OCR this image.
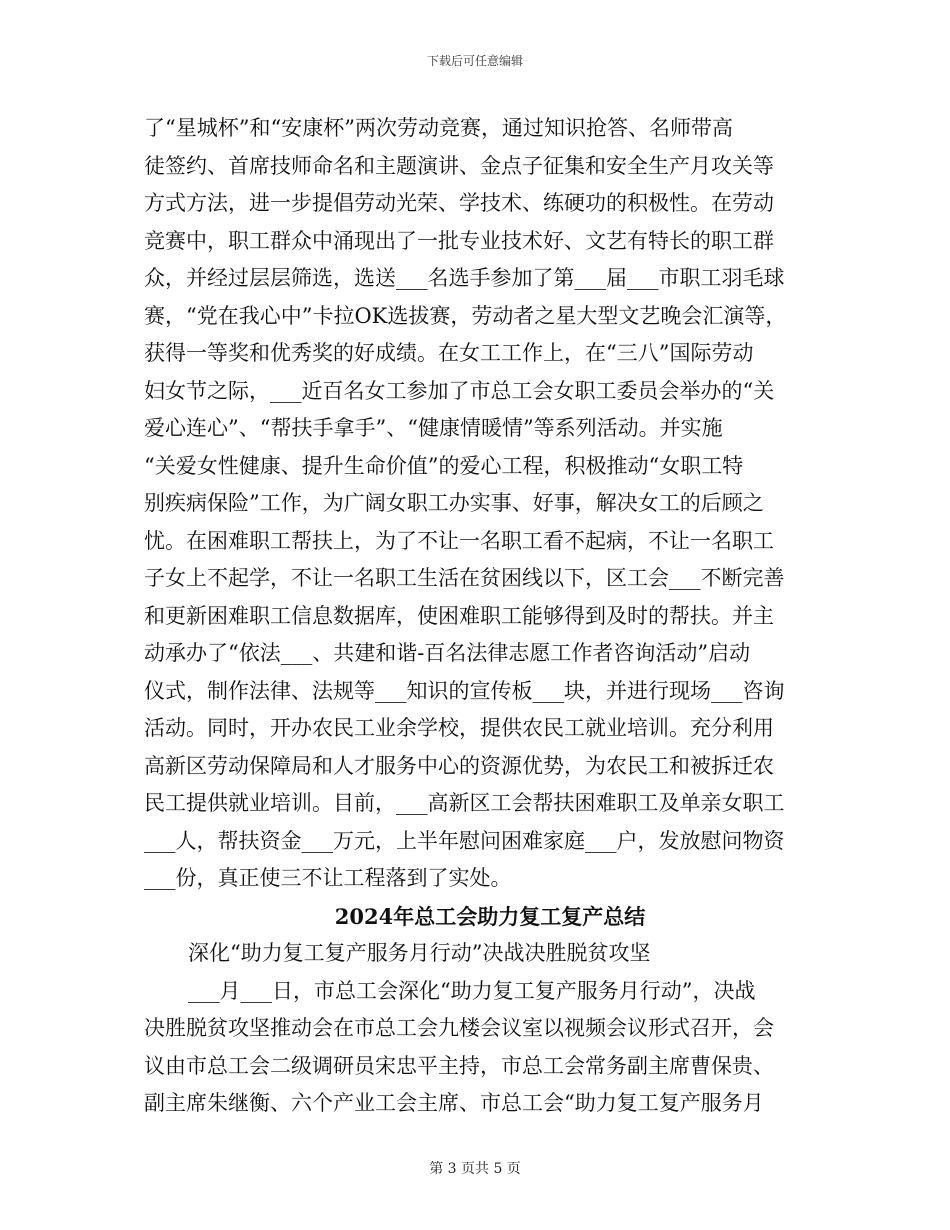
下载后可任意编辑
了“星城杯”和“安康杯”两次劳动竞赛，通过知识抢答、名师带高
徒签约、首席技师命名和主题演讲、金点子征集和安全生产月攻关等
方式方法，进一步提倡劳动光荣、学技术、练硬功的积极性。在劳动
竞赛中，职工群众中涌现出了一批专业技术好、文艺有特长的职工群
众，并经过层层筛选，选送___名选手参加了第___届___市职工羽毛球
赛，“党在我心中”卡拉OK选拔赛，劳动者之星大型文艺晚会汇演等，
获得一等奖和优秀奖的好成绩。在女工工作上，在“三八”国际劳动
妇女节之际，___近百名女工参加了市总工会女职工委员会举办的“关
爱心连心”、“帮扶手拿手”、“健康情暖情”等系列活动。并实施
“关爱女性健康、提升生命价值”的爱心工程，积极推动“女职工特
别疾病保险”工作，为广阔女职工办实事、好事，解决女工的后顾之
忧。在困难职工帮扶上，为了不让一名职工看不起病，不让一名职工
子女上不起学，不让一名职工生活在贫困线以下，区工会___不断完善
和更新困难职工信息数据库，使困难职工能够得到及时的帮扶。并主
动承办了“依法___、共建和谐-百名法律志愿工作者咨询活动”启动
仪式，制作法律、法规等___知识的宣传板___块，并进行现场___咨询
活动。同时，开办农民工业余学校，提供农民工就业培训。充分利用
高新区劳动保障局和人才服务中心的资源优势，为农民工和被拆迁农
民工提供就业培训。目前，___高新区工会帮扶困难职工及单亲女职工
___人，帮扶资金___万元，上半年慰问困难家庭___户，发放慰问物资
___份，真正使三不让工程落到了实处。
2024年总工会助力复工复产总结
深化“助力复工复产服务月行动”决战决胜脱贫攻坚
___月___日，市总工会深化“助力复工复产服务月行动”，决战
决胜脱贫攻坚推动会在市总工会九楼会议室以视频会议形式召开，会
议由市总工会二级调研员宋忠平主持，市总工会常务副主席曹保贵、
副主席朱继衡、六个产业工会主席、市总工会“助力复工复产服务月
第 3 页共 5 页
